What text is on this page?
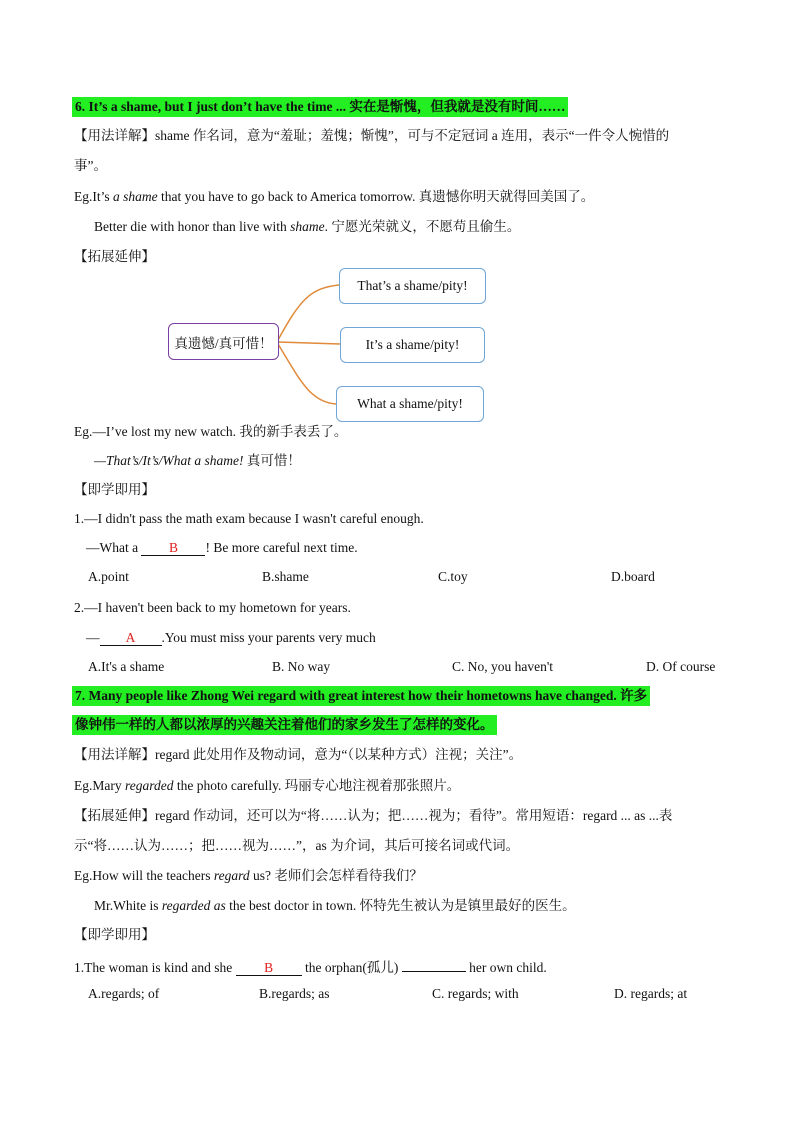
6. It’s a shame, but I just don’t have the time ... 实在是惭愧，但我就是没有时间……
【用法详解】shame 作名词，意为“羞耻；羞愧；惭愧”，可与不定冠词 a 连用，表示“一件令人惋惜的
事”。
Eg.It’s a shame that you have to go back to America tomorrow. 真遗憾你明天就得回美国了。
Better die with honor than live with shame. 宁愿光荣就义，不愿苟且偷生。
【拓展延伸】
真遗憾/真可惜！
That’s a shame/pity!
It’s a shame/pity!
What a shame/pity!
Eg.—I’ve lost my new watch. 我的新手表丢了。
—That’s/It’s/What a shame! 真可惜！
【即学即用】
1.—I didn't pass the math exam because I wasn't careful enough.
—What a B ! Be more careful next time.
A.point	B.shame	C.toy	D.board
2.—I haven't been back to my hometown for years.
— A .You must miss your parents very much
A.It's a shame	B. No way	C. No, you haven't	D. Of course
7. Many people like Zhong Wei regard with great interest how their hometowns have changed. 许多
像钟伟一样的人都以浓厚的兴趣关注着他们的家乡发生了怎样的变化。
【用法详解】regard 此处用作及物动词，意为“（以某种方式）注视；关注”。
Eg.Mary regarded the photo carefully. 玛丽专心地注视着那张照片。
【拓展延伸】regard 作动词，还可以为“将……认为；把……视为；看待”。常用短语：regard ... as ...表
示“将……认为……；把……视为……”，as 为介词，其后可接名词或代词。
Eg.How will the teachers regard us? 老师们会怎样看待我们？
Mr.White is regarded as the best doctor in town. 怀特先生被认为是镇里最好的医生。
【即学即用】
1.The woman is kind and she B the orphan(孤儿)	her own child.
A.regards; of	B.regards; as	C. regards; with	D. regards; at
